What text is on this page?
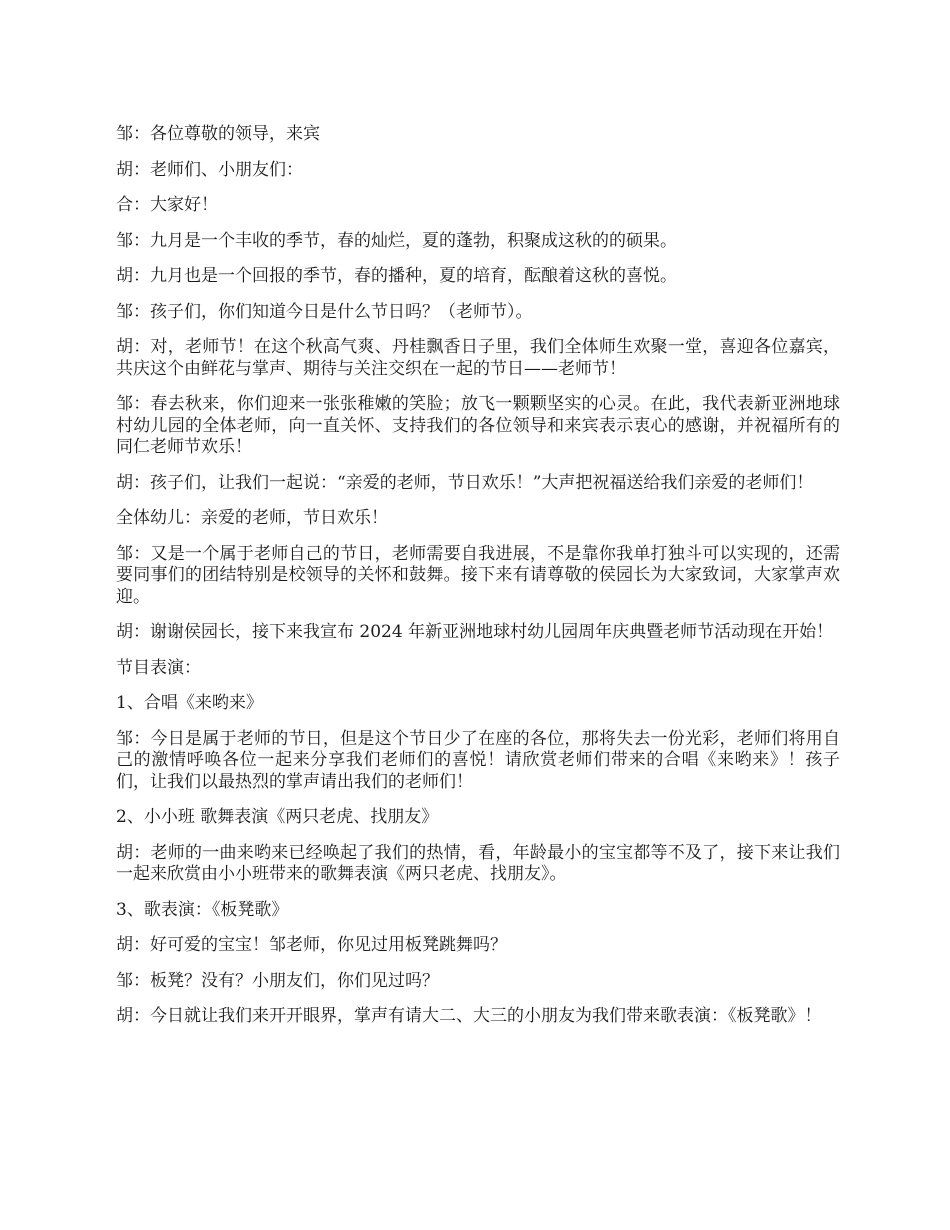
邹：各位尊敬的领导，来宾

胡：老师们、小朋友们：

合：大家好！

邹：九月是一个丰收的季节，春的灿烂，夏的蓬勃，积聚成这秋的的硕果。

胡：九月也是一个回报的季节，春的播种，夏的培育，酝酿着这秋的喜悦。

邹：孩子们，你们知道今日是什么节日吗？（老师节）。

胡：对，老师节！在这个秋高气爽、丹桂飘香日子里，我们全体师生欢聚一堂，喜迎各位嘉宾，共庆这个由鲜花与掌声、期待与关注交织在一起的节日——老师节！

邹：春去秋来，你们迎来一张张稚嫩的笑脸；放飞一颗颗坚实的心灵。在此，我代表新亚洲地球村幼儿园的全体老师，向一直关怀、支持我们的各位领导和来宾表示衷心的感谢，并祝福所有的同仁老师节欢乐！

胡：孩子们，让我们一起说：“亲爱的老师，节日欢乐！”大声把祝福送给我们亲爱的老师们！

全体幼儿：亲爱的老师，节日欢乐！

邹：又是一个属于老师自己的节日，老师需要自我进展，不是靠你我单打独斗可以实现的，还需要同事们的团结特别是校领导的关怀和鼓舞。接下来有请尊敬的侯园长为大家致词，大家掌声欢迎。

胡：谢谢侯园长，接下来我宣布 2024 年新亚洲地球村幼儿园周年庆典暨老师节活动现在开始！

节目表演：

1、合唱《来哟来》

邹：今日是属于老师的节日，但是这个节日少了在座的各位，那将失去一份光彩，老师们将用自己的激情呼唤各位一起来分享我们老师们的喜悦！请欣赏老师们带来的合唱《来哟来》！孩子们，让我们以最热烈的掌声请出我们的老师们！

2、小小班 歌舞表演《两只老虎、找朋友》

胡：老师的一曲来哟来已经唤起了我们的热情，看，年龄最小的宝宝都等不及了，接下来让我们一起来欣赏由小小班带来的歌舞表演《两只老虎、找朋友》。

3、歌表演：《板凳歌》

胡：好可爱的宝宝！邹老师，你见过用板凳跳舞吗？

邹：板凳？没有？小朋友们，你们见过吗？

胡：今日就让我们来开开眼界，掌声有请大二、大三的小朋友为我们带来歌表演：《板凳歌》！
